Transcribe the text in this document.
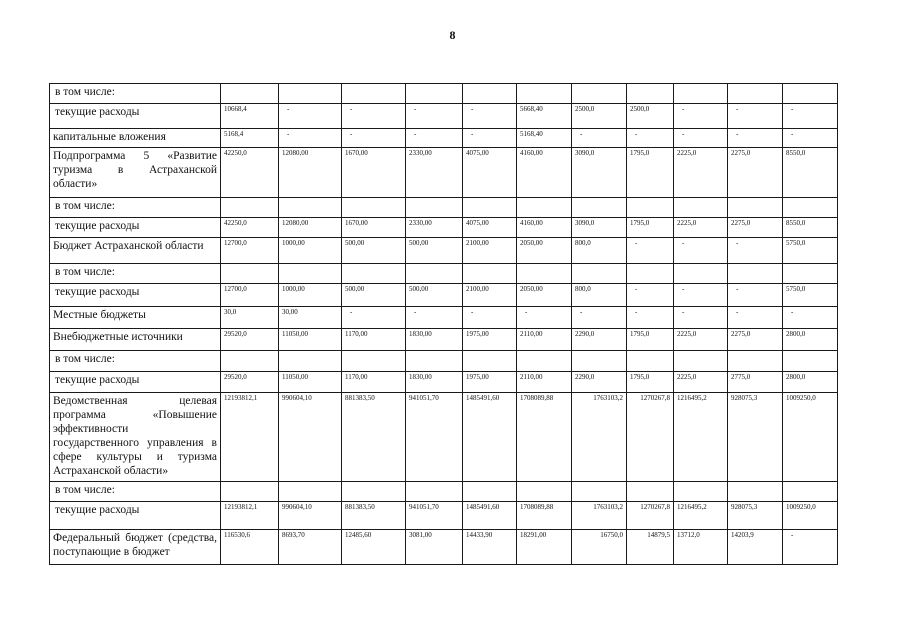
8
в том числе:											
текущие расходы	10668,4	-	-	-	-	5668,40	2500,0	2500,0	-	-	-
капитальные вложения	5168,4	-	-	-	-	5168,40	-	-	-	-	-
Подпрограмма 5 «Развитие туризма в Астраханской области»	42250,0	12080,00	1670,00	2330,00	4075,00	4160,00	3090,0	1795,0	2225,0	2275,0	8550,0
в том числе:											
текущие расходы	42250,0	12080,00	1670,00	2330,00	4075,00	4160,00	3090,0	1795,0	2225,0	2275,0	8550,0
Бюджет Астраханской области	12700,0	1000,00	500,00	500,00	2100,00	2050,00	800,0	-	-	-	5750,0
в том числе:											
текущие расходы	12700,0	1000,00	500,00	500,00	2100,00	2050,00	800,0	-	-	-	5750,0
Местные бюджеты	30,0	30,00	-	-	-	-	-	-	-	-	-
Внебюджетные источники	29520,0	11050,00	1170,00	1830,00	1975,00	2110,00	2290,0	1795,0	2225,0	2275,0	2800,0
в том числе:											
текущие расходы	29520,0	11050,00	1170,00	1830,00	1975,00	2110,00	2290,0	1795,0	2225,0	2775,0	2800,0
Ведомственная целевая программа «Повышение эффективности государственного управления в сфере культуры и туризма Астраханской области»	12193812,1	990604,10	881383,50	941051,70	1485491,60	1708089,88	1763103,2	1270267,8	1216495,2	928075,3	1009250,0
в том числе:											
текущие расходы	12193812,1	990604,10	881383,50	941051,70	1485491,60	1708089,88	1763103,2	1270267,8	1216495,2	928075,3	1009250,0
Федеральный бюджет (средства, поступающие в бюджет	116530,6	8693,70	12485,60	3081,00	14433,90	18291,00	16750,0	14879,5	13712,0	14203,9	-
